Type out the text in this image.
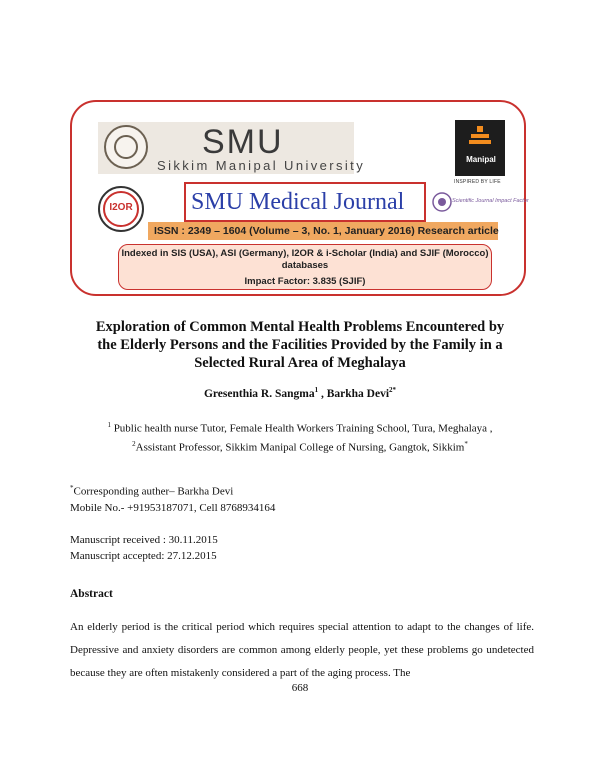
SMU
Sikkim Manipal University	Manipal
INSPIRED BY LIFE
I2OR	SMU Medical Journal	Scientific Journal Impact Factor
ISSN : 2349 – 1604 (Volume – 3, No. 1, January 2016) Research article
Indexed in SIS (USA), ASI (Germany), I2OR & i-Scholar (India) and SJIF (Morocco)
databases
Impact Factor: 3.835 (SJIF)
Exploration of Common Mental Health Problems Encountered by
the Elderly Persons and the Facilities Provided by the Family in a
Selected Rural Area of Meghalaya
Gresenthia R. Sangma$^1$ , Barkha Devi$^{2*}$
$^1$ Public health nurse Tutor, Female Health Workers Training School, Tura, Meghalaya ,
$^2$Assistant Professor, Sikkim Manipal College of Nursing, Gangtok, Sikkim*
*Corresponding auther– Barkha Devi
Mobile No.- +91953187071, Cell 8768934164
Manuscript received : 30.11.2015
Manuscript accepted: 27.12.2015
Abstract
An elderly period is the critical period which requires special attention to adapt to the changes of life. Depressive and anxiety disorders are common among elderly people, yet these problems go undetected because they are often mistakenly considered a part of the aging process. The
668
